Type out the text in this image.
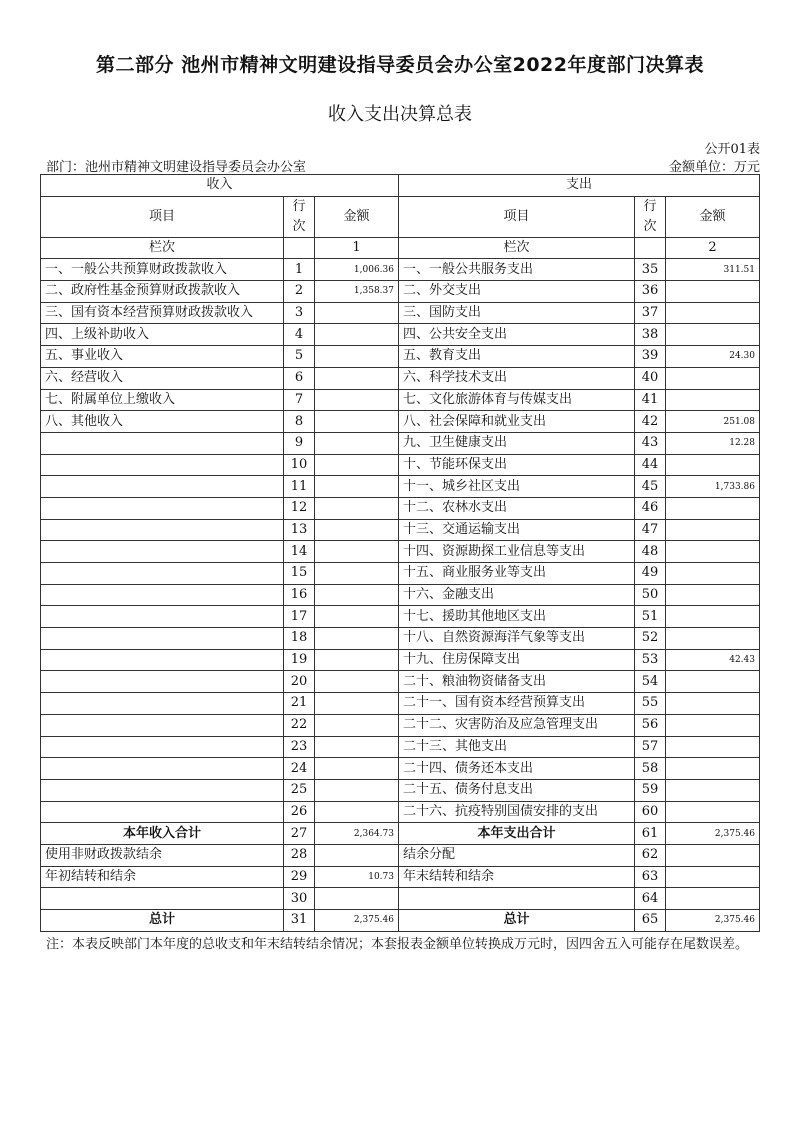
第二部分 池州市精神文明建设指导委员会办公室2022年度部门决算表
收入支出决算总表
公开01表
部门：池州市精神文明建设指导委员会办公室	金额单位：万元
收入			支出		
项目	行
次	金额	项目	行
次	金额
栏次		1	栏次		2
一、一般公共预算财政拨款收入	1	1,006.36	一、一般公共服务支出	35	311.51
二、政府性基金预算财政拨款收入	2	1,358.37	二、外交支出	36	
三、国有资本经营预算财政拨款收入	3		三、国防支出	37	
四、上级补助收入	4		四、公共安全支出	38	
五、事业收入	5		五、教育支出	39	24.30
六、经营收入	6		六、科学技术支出	40	
七、附属单位上缴收入	7		七、文化旅游体育与传媒支出	41	
八、其他收入	8		八、社会保障和就业支出	42	251.08
	9		九、卫生健康支出	43	12.28
	10		十、节能环保支出	44	
	11		十一、城乡社区支出	45	1,733.86
	12		十二、农林水支出	46	
	13		十三、交通运输支出	47	
	14		十四、资源勘探工业信息等支出	48	
	15		十五、商业服务业等支出	49	
	16		十六、金融支出	50	
	17		十七、援助其他地区支出	51	
	18		十八、自然资源海洋气象等支出	52	
	19		十九、住房保障支出	53	42.43
	20		二十、粮油物资储备支出	54	
	21		二十一、国有资本经营预算支出	55	
	22		二十二、灾害防治及应急管理支出	56	
	23		二十三、其他支出	57	
	24		二十四、债务还本支出	58	
	25		二十五、债务付息支出	59	
	26		二十六、抗疫特别国债安排的支出	60	
本年收入合计	27	2,364.73	本年支出合计	61	2,375.46
使用非财政拨款结余	28		结余分配	62	
年初结转和结余	29	10.73	年末结转和结余	63	
	30			64	
总计	31	2,375.46	总计	65	2,375.46
注：本表反映部门本年度的总收支和年末结转结余情况；本套报表金额单位转换成万元时，因四舍五入可能存在尾数误差。
